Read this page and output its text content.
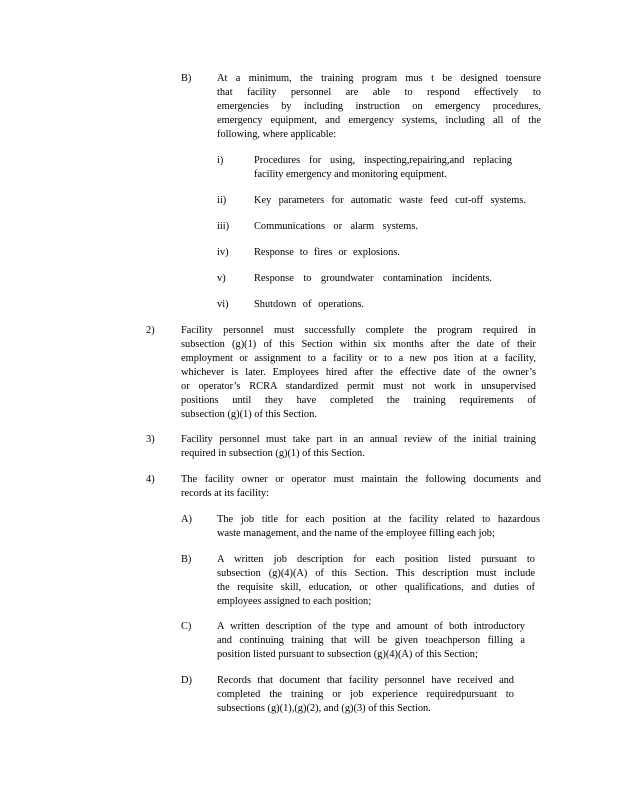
B) At a minimum, the training program mus t be designed toensure
that facility personnel are able to respond effectively to
emergencies by including instruction on emergency procedures,
emergency equipment, and emergency systems, including all of the
following, where applicable:
i)	Procedures for using, inspecting,repairing,and replacing
facility emergency and monitoring equipment.
ii)	Key parameters for automatic waste feed cut-off systems.
iii) Communications or alarm systems.
iv) Response to fires or explosions.
v)	Response to groundwater contamination incidents.
vi) Shutdown of operations.
2)	Facility personnel must successfully complete the program required in
subsection (g)(1) of this Section within six months after the date of their
employment or assignment to a facility or to a new pos ition at a facility,
whichever is later. Employees hired after the effective date of the owner’s
or operator’s RCRA standardized permit must not work in unsupervised
positions until they have completed the training requirements of
subsection (g)(1) of this Section.
3)	Facility personnel must take part in an annual review of the initial training
required in subsection (g)(1) of this Section.
4)	The facility owner or operator must maintain the following documents and
records at its facility:
A) The job title for each position at the facility related to hazardous
waste management, and the name of the employee filling each job;
B) A written job description for each position listed pursuant to
subsection (g)(4)(A) of this Section. This description must include
the requisite skill, education, or other qualifications, and duties of
employees assigned to each position;
C) A written description of the type and amount of both introductory
and continuing training that will be given toeachperson filling a
position listed pursuant to subsection (g)(4)(A) of this Section;
D) Records that document that facility personnel have received and
completed the training or job experience requiredpursuant to
subsections (g)(1),(g)(2), and (g)(3) of this Section.
